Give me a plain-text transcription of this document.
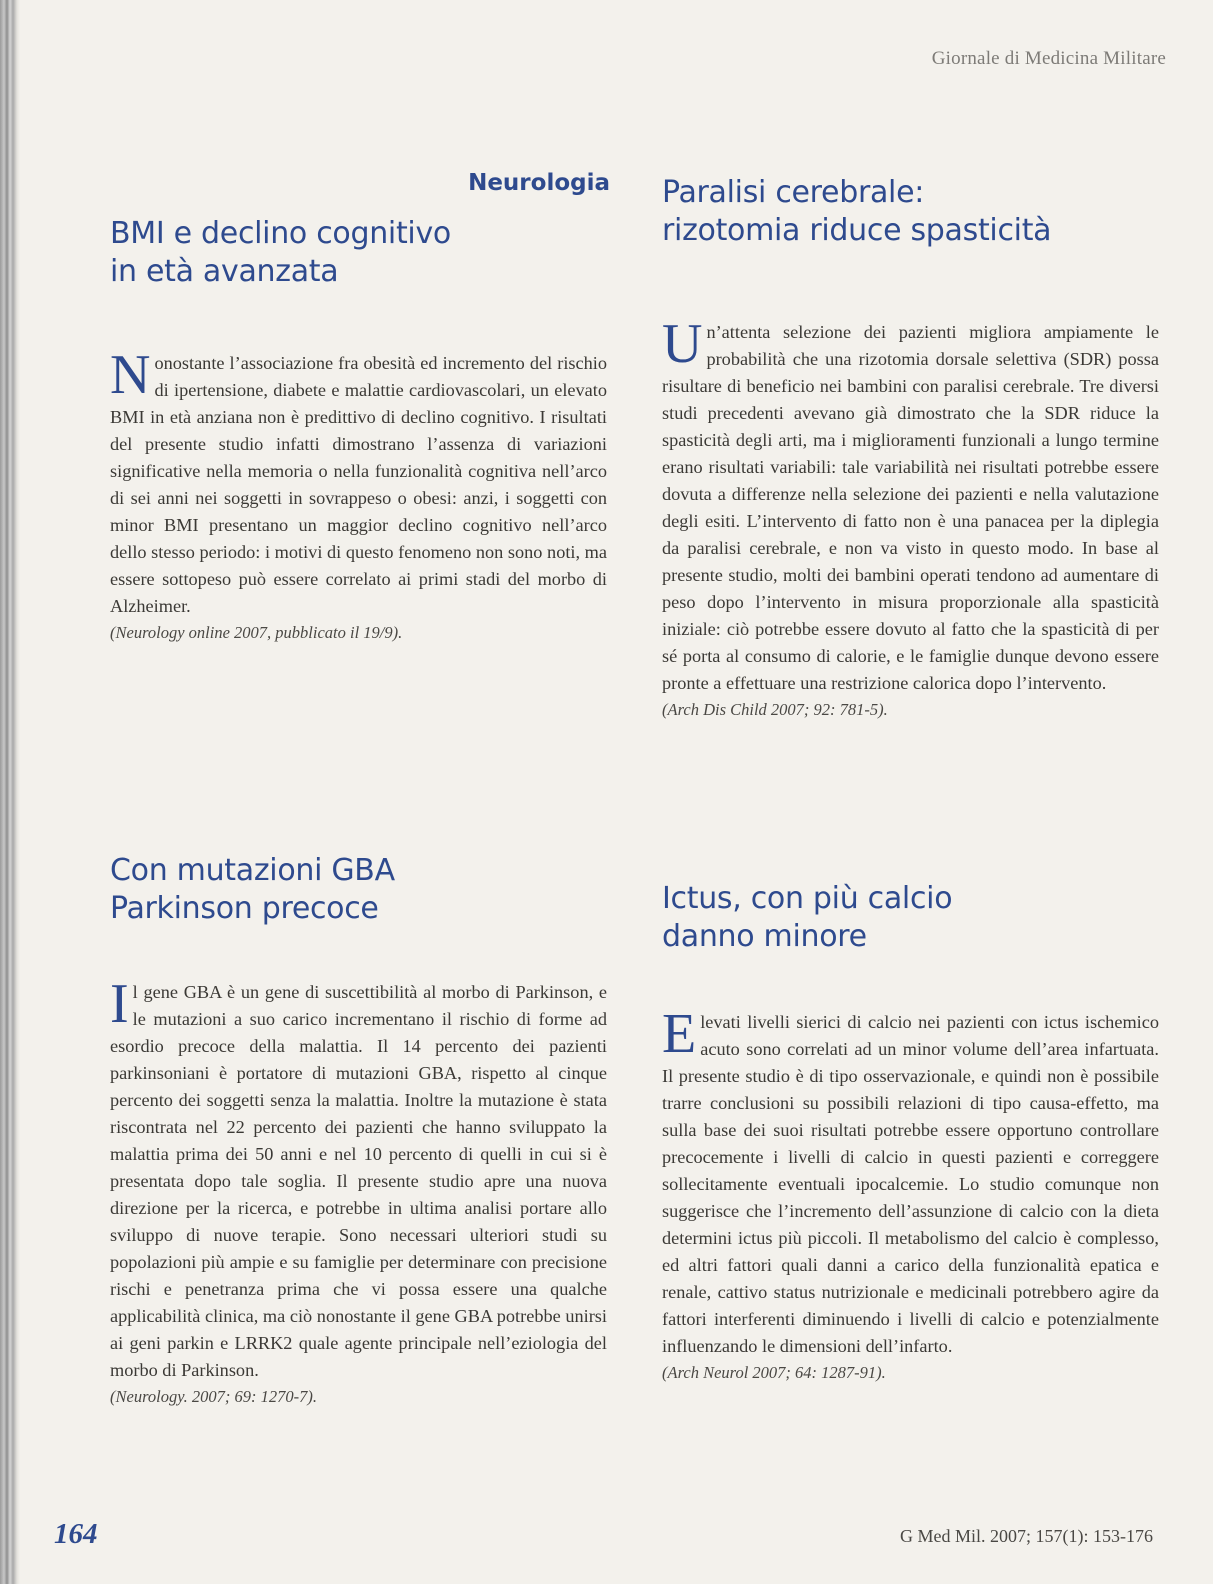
Giornale di Medicina Militare
Neurologia
BMI e declino cognitivo
in età avanzata

Nonostante l’associazione fra obesità ed incremento del rischio di ipertensione, diabete e malattie cardiovascolari, un elevato BMI in età anziana non è predittivo di declino cognitivo. I risultati del presente studio infatti dimostrano l’assenza di variazioni significative nella memoria o nella funzionalità cognitiva nell’arco di sei anni nei soggetti in sovrappeso o obesi: anzi, i soggetti con minor BMI presentano un maggior declino cognitivo nell’arco dello stesso periodo: i motivi di questo fenomeno non sono noti, ma essere sottopeso può essere correlato ai primi stadi del morbo di Alzheimer.

(Neurology online 2007, pubblicato il 19/9).

Paralisi cerebrale:
rizotomia riduce spasticità

Un’attenta selezione dei pazienti migliora ampiamente le probabilità che una rizotomia dorsale selettiva (SDR) possa risultare di beneficio nei bambini con paralisi cerebrale. Tre diversi studi precedenti avevano già dimostrato che la SDR riduce la spasticità degli arti, ma i miglioramenti funzionali a lungo termine erano risultati variabili: tale variabilità nei risultati potrebbe essere dovuta a differenze nella selezione dei pazienti e nella valutazione degli esiti. L’intervento di fatto non è una panacea per la diplegia da paralisi cerebrale, e non va visto in questo modo. In base al presente studio, molti dei bambini operati tendono ad aumentare di peso dopo l’intervento in misura proporzionale alla spasticità iniziale: ciò potrebbe essere dovuto al fatto che la spasticità di per sé porta al consumo di calorie, e le famiglie dunque devono essere pronte a effettuare una restrizione calorica dopo l’intervento.

(Arch Dis Child 2007; 92: 781-5).

Con mutazioni GBA
Parkinson precoce

Il gene GBA è un gene di suscettibilità al morbo di Parkinson, e le mutazioni a suo carico incrementano il rischio di forme ad esordio precoce della malattia. Il 14 percento dei pazienti parkinsoniani è portatore di mutazioni GBA, rispetto al cinque percento dei soggetti senza la malattia. Inoltre la mutazione è stata riscontrata nel 22 percento dei pazienti che hanno sviluppato la malattia prima dei 50 anni e nel 10 percento di quelli in cui si è presentata dopo tale soglia. Il presente studio apre una nuova direzione per la ricerca, e potrebbe in ultima analisi portare allo sviluppo di nuove terapie. Sono necessari ulteriori studi su popolazioni più ampie e su famiglie per determinare con precisione rischi e penetranza prima che vi possa essere una qualche applicabilità clinica, ma ciò nonostante il gene GBA potrebbe unirsi ai geni parkin e LRRK2 quale agente principale nell’eziologia del morbo di Parkinson.

(Neurology. 2007; 69: 1270-7).

Ictus, con più calcio
danno minore

Elevati livelli sierici di calcio nei pazienti con ictus ischemico acuto sono correlati ad un minor volume dell’area infartuata. Il presente studio è di tipo osservazionale, e quindi non è possibile trarre conclusioni su possibili relazioni di tipo causa-effetto, ma sulla base dei suoi risultati potrebbe essere opportuno controllare precocemente i livelli di calcio in questi pazienti e correggere sollecitamente eventuali ipocalcemie. Lo studio comunque non suggerisce che l’incremento dell’assunzione di calcio con la dieta determini ictus più piccoli. Il metabolismo del calcio è complesso, ed altri fattori quali danni a carico della funzionalità epatica e renale, cattivo status nutrizionale e medicinali potrebbero agire da fattori interferenti diminuendo i livelli di calcio e potenzialmente influenzando le dimensioni dell’infarto.

(Arch Neurol 2007; 64: 1287-91).

164	G Med Mil. 2007; 157(1): 153-176
